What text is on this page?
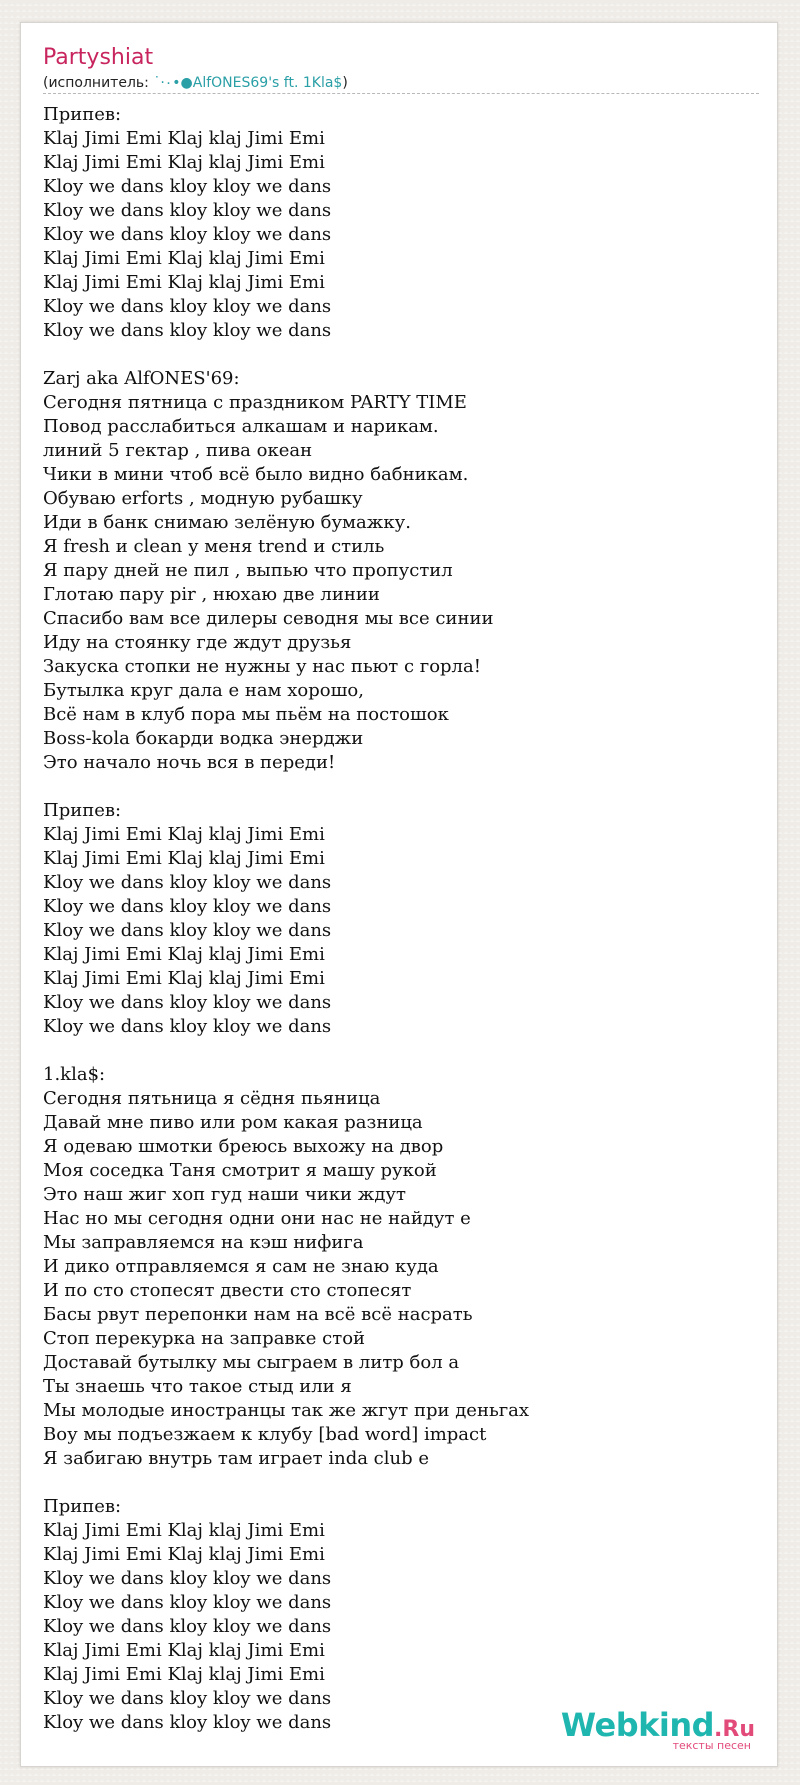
Partyshiat
(исполнитель: ˙·٠•●AlfONES69's ft. 1Kla$)
Припев:
Klaj Jimi Emi Klaj klaj Jimi Emi
Klaj Jimi Emi Klaj klaj Jimi Emi
Kloy we dans kloy kloy we dans
Kloy we dans kloy kloy we dans
Kloy we dans kloy kloy we dans
Klaj Jimi Emi Klaj klaj Jimi Emi
Klaj Jimi Emi Klaj klaj Jimi Emi
Kloy we dans kloy kloy we dans
Kloy we dans kloy kloy we dans
Zarj aka AlfONES'69:
Сегодня пятница с праздником PARTY TIME
Повод расслабиться алкашам и нарикам.
линий 5 гектар , пива океан
Чики в мини чтоб всё было видно бабникам.
Обуваю erforts , модную рубашку
Иди в банк снимаю зелёную бумажку.
Я fresh и clean у меня trend и стиль
Я пару дней не пил , выпью что пропустил
Глотаю пару pir , нюхаю две линии
Спасибо вам все дилеры севодня мы все синии
Иду на стоянку где ждут друзья
Закуска стопки не нужны у нас пьют с горла!
Бутылка круг дала е нам хорошо,
Всё нам в клуб пора мы пьём на постошок
Boss-kola бокарди водка энерджи
Это начало ночь вся в переди!
Припев:
Klaj Jimi Emi Klaj klaj Jimi Emi
Klaj Jimi Emi Klaj klaj Jimi Emi
Kloy we dans kloy kloy we dans
Kloy we dans kloy kloy we dans
Kloy we dans kloy kloy we dans
Klaj Jimi Emi Klaj klaj Jimi Emi
Klaj Jimi Emi Klaj klaj Jimi Emi
Kloy we dans kloy kloy we dans
Kloy we dans kloy kloy we dans
1.kla$:
Сегодня пятьница я сёдня пьяница
Давай мне пиво или ром какая разница
Я одеваю шмотки бреюсь выхожу на двор
Моя соседка Таня смотрит я машу рукой
Это наш жиг хоп гуд наши чики ждут
Нас но мы сегодня одни они нас не найдут е
Мы заправляемся на кэш нифига
И дико отправляемся я сам не знаю куда
И по сто стопесят двести сто стопесят
Басы рвут перепонки нам на всё всё насрать
Стоп перекурка на заправке стой
Доставай бутылку мы сыграем в литр бол а
Ты знаешь что такое стыд или я
Мы молодые иностранцы так же жгут при деньгах
Воу мы подъезжаем к клубу [bad word] impact
Я забигаю внутрь там играет inda club е
Припев:
Klaj Jimi Emi Klaj klaj Jimi Emi
Klaj Jimi Emi Klaj klaj Jimi Emi
Kloy we dans kloy kloy we dans
Kloy we dans kloy kloy we dans
Kloy we dans kloy kloy we dans
Klaj Jimi Emi Klaj klaj Jimi Emi
Klaj Jimi Emi Klaj klaj Jimi Emi
Kloy we dans kloy kloy we dans
Kloy we dans kloy kloy we dans	Webkind.Ru
тексты песен
